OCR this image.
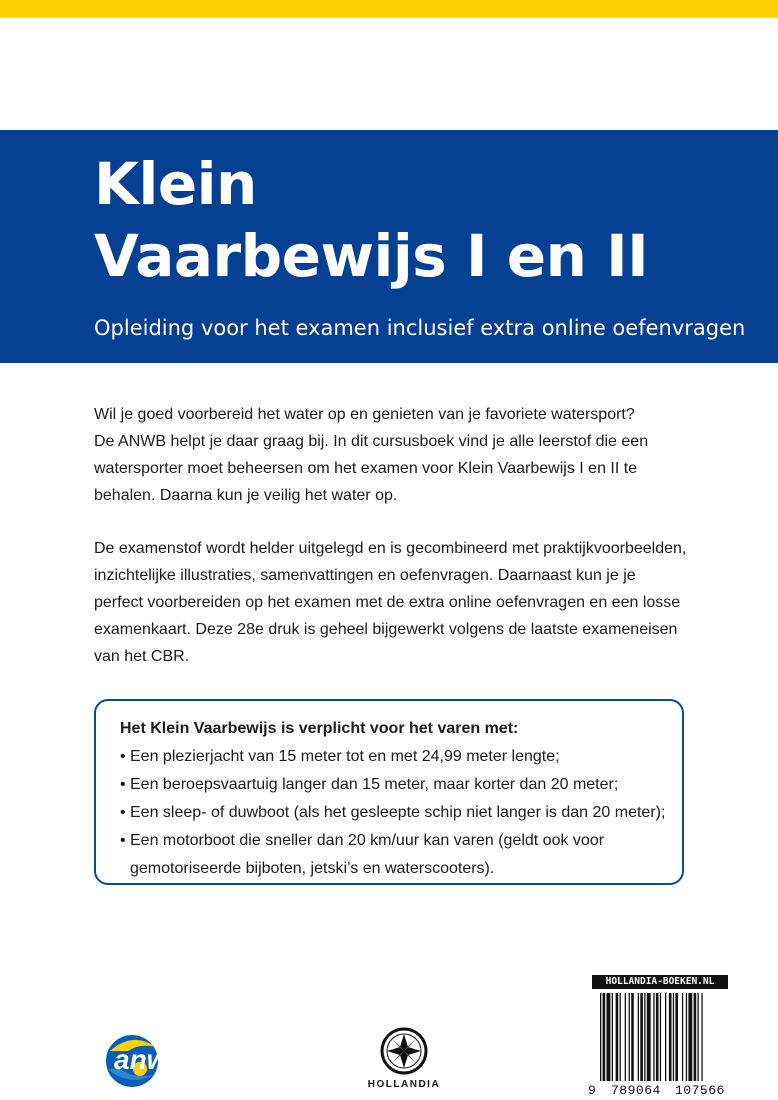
Klein
Vaarbewijs I en II

Opleiding voor het examen inclusief extra online oefenvragen

Wil je goed voorbereid het water op en genieten van je favoriete watersport?
De ANWB helpt je daar graag bij. In dit cursusboek vind je alle leerstof die een
watersporter moet beheersen om het examen voor Klein Vaarbewijs I en II te
behalen. Daarna kun je veilig het water op.
De examenstof wordt helder uitgelegd en is gecombineerd met praktijkvoorbeelden,
inzichtelijke illustraties, samenvattingen en oefenvragen. Daarnaast kun je je
perfect voorbereiden op het examen met de extra online oefenvragen en een losse
examenkaart. Deze 28e druk is geheel bijgewerkt volgens de laatste exameneisen
van het CBR.

Het Klein Vaarbewijs is verplicht voor het varen met:

• Een plezierjacht van 15 meter tot en met 24,99 meter lengte;
• Een beroepsvaartuig langer dan 15 meter, maar korter dan 20 meter;
• Een sleep- of duwboot (als het gesleepte schip niet langer is dan 20 meter);
• Een motorboot die sneller dan 20 km/uur kan varen (geldt ook voor
gemotoriseerde bijboten, jetski’s en waterscooters).
anwb
HOLLANDIA
HOLLANDIA-BOEKEN.NL
9 789064 107566
